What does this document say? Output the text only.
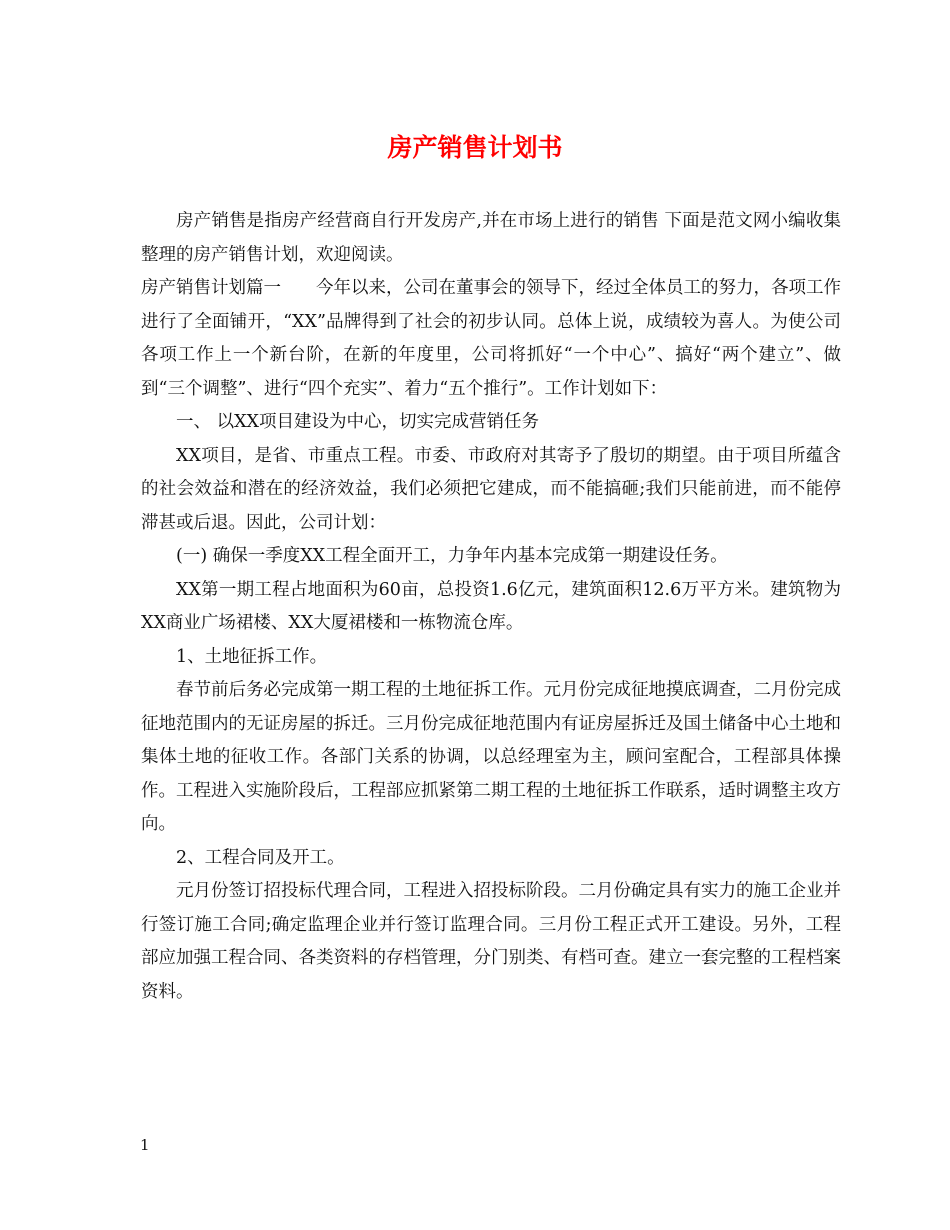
房产销售计划书

房产销售是指房产经营商自行开发房产,并在市场上进行的销售 下面是范文网小编收集整理的房产销售计划，欢迎阅读。

房产销售计划篇一　　今年以来，公司在董事会的领导下，经过全体员工的努力，各项工作进行了全面铺开，“XX”品牌得到了社会的初步认同。总体上说，成绩较为喜人。为使公司各项工作上一个新台阶，在新的年度里，公司将抓好“一个中心”、搞好“两个建立”、做到“三个调整”、进行“四个充实”、着力“五个推行”。工作计划如下：

一、 以XX项目建设为中心，切实完成营销任务

XX项目，是省、市重点工程。市委、市政府对其寄予了殷切的期望。由于项目所蕴含的社会效益和潜在的经济效益，我们必须把它建成，而不能搞砸;我们只能前进，而不能停滞甚或后退。因此，公司计划：

(一) 确保一季度XX工程全面开工，力争年内基本完成第一期建设任务。

XX第一期工程占地面积为60亩，总投资1.6亿元，建筑面积12.6万平方米。建筑物为XX商业广场裙楼、XX大厦裙楼和一栋物流仓库。

1、土地征拆工作。

春节前后务必完成第一期工程的土地征拆工作。元月份完成征地摸底调查，二月份完成征地范围内的无证房屋的拆迁。三月份完成征地范围内有证房屋拆迁及国土储备中心土地和集体土地的征收工作。各部门关系的协调，以总经理室为主，顾问室配合，工程部具体操作。工程进入实施阶段后，工程部应抓紧第二期工程的土地征拆工作联系，适时调整主攻方向。

2、工程合同及开工。

元月份签订招投标代理合同，工程进入招投标阶段。二月份确定具有实力的施工企业并行签订施工合同;确定监理企业并行签订监理合同。三月份工程正式开工建设。另外，工程部应加强工程合同、各类资料的存档管理，分门别类、有档可查。建立一套完整的工程档案资料。

1
